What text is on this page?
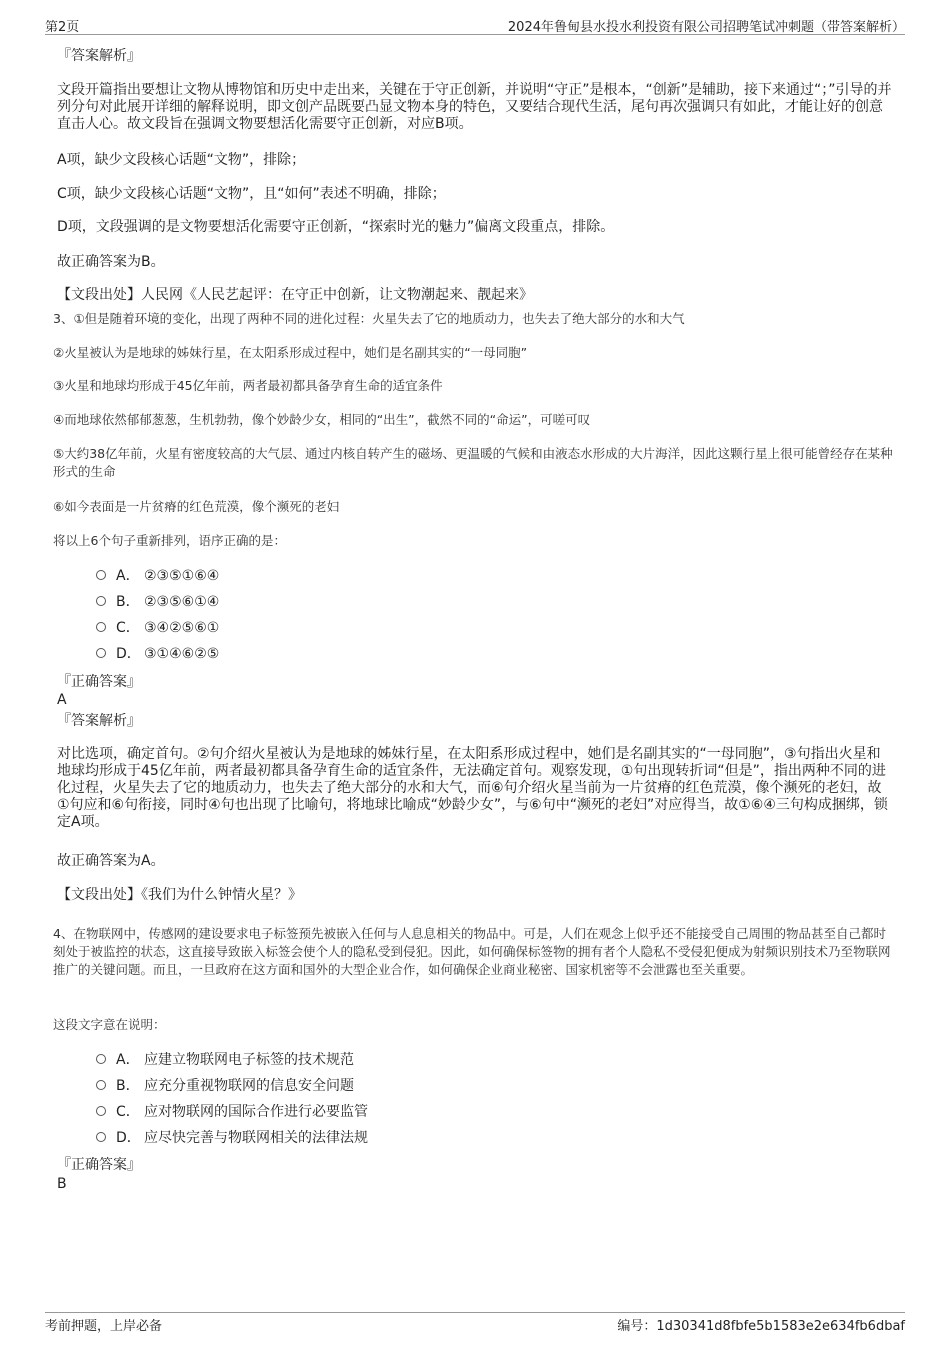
第2页	2024年鲁甸县水投水利投资有限公司招聘笔试冲刺题（带答案解析）

『答案解析』

文段开篇指出要想让文物从博物馆和历史中走出来，关键在于守正创新，并说明“守正”是根本，“创新”是辅助，接下来通过“；”引导的并列分句对此展开详细的解释说明，即文创产品既要凸显文物本身的特色，又要结合现代生活，尾句再次强调只有如此，才能让好的创意直击人心。故文段旨在强调文物要想活化需要守正创新，对应B项。

A项，缺少文段核心话题“文物”，排除；

C项，缺少文段核心话题“文物”，且“如何”表述不明确，排除；

D项，文段强调的是文物要想活化需要守正创新，“探索时光的魅力”偏离文段重点，排除。

故正确答案为B。

【文段出处】人民网《人民艺起评：在守正中创新，让文物潮起来、靓起来》

3、①但是随着环境的变化，出现了两种不同的进化过程：火星失去了它的地质动力，也失去了绝大部分的水和大气

②火星被认为是地球的姊妹行星，在太阳系形成过程中，她们是名副其实的“一母同胞”

③火星和地球均形成于45亿年前，两者最初都具备孕育生命的适宜条件

④而地球依然郁郁葱葱，生机勃勃，像个妙龄少女，相同的“出生”，截然不同的“命运”，可嗟可叹

⑤大约38亿年前，火星有密度较高的大气层、通过内核自转产生的磁场、更温暖的气候和由液态水形成的大片海洋，因此这颗行星上很可能曾经存在某种形式的生命

⑥如今表面是一片贫瘠的红色荒漠，像个濒死的老妇

将以上6个句子重新排列，语序正确的是：

A． ②③⑤①⑥④
B． ②③⑤⑥①④
C． ③④②⑤⑥①
D． ③①④⑥②⑤

『正确答案』

A

『答案解析』

对比选项，确定首句。②句介绍火星被认为是地球的姊妹行星，在太阳系形成过程中，她们是名副其实的“一母同胞”，③句指出火星和地球均形成于45亿年前，两者最初都具备孕育生命的适宜条件，无法确定首句。观察发现，①句出现转折词“但是”，指出两种不同的进化过程，火星失去了它的地质动力，也失去了绝大部分的水和大气，而⑥句介绍火星当前为一片贫瘠的红色荒漠，像个濒死的老妇，故①句应和⑥句衔接，同时④句也出现了比喻句，将地球比喻成“妙龄少女”，与⑥句中“濒死的老妇”对应得当，故①⑥④三句构成捆绑，锁定A项。

故正确答案为A。

【文段出处】《我们为什么钟情火星？》

4、在物联网中，传感网的建设要求电子标签预先被嵌入任何与人息息相关的物品中。可是，人们在观念上似乎还不能接受自己周围的物品甚至自己都时刻处于被监控的状态，这直接导致嵌入标签会使个人的隐私受到侵犯。因此，如何确保标签物的拥有者个人隐私不受侵犯便成为射频识别技术乃至物联网推广的关键问题。而且，一旦政府在这方面和国外的大型企业合作，如何确保企业商业秘密、国家机密等不会泄露也至关重要。

这段文字意在说明：

A． 应建立物联网电子标签的技术规范
B． 应充分重视物联网的信息安全问题
C． 应对物联网的国际合作进行必要监管
D． 应尽快完善与物联网相关的法律法规

『正确答案』

B

考前押题，上岸必备	编号：1d30341d8fbfe5b1583e2e634fb6dbaf
